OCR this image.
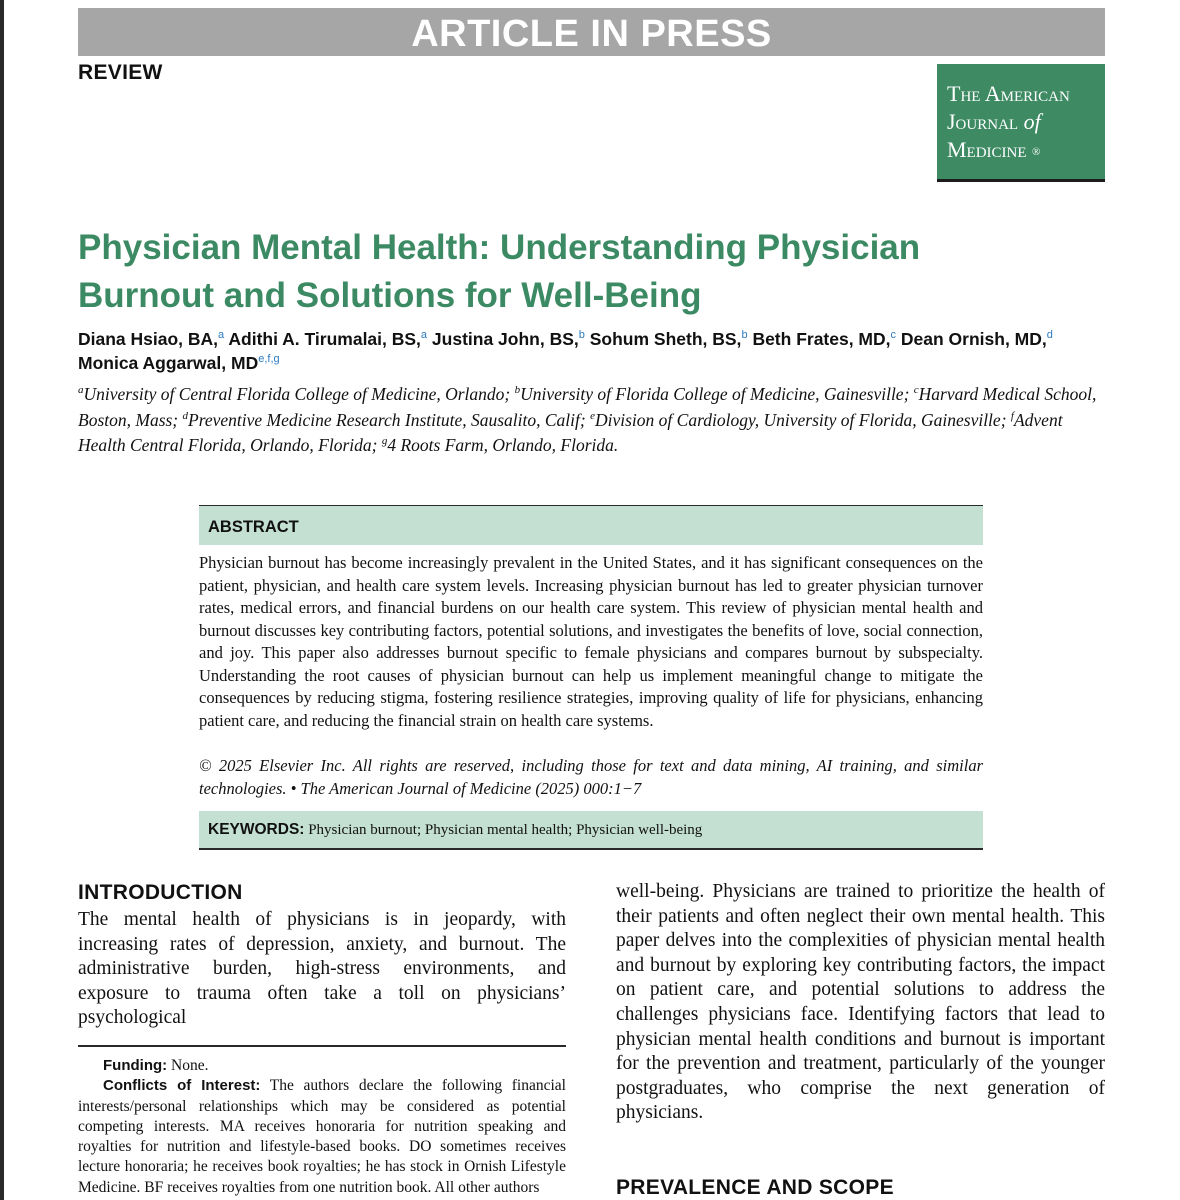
ARTICLE IN PRESS
REVIEW
The American
Journal of
Medicine ®
Physician Mental Health: Understanding Physician
Burnout and Solutions for Well-Being
Diana Hsiao, BA,$^a$ Adithi A. Tirumalai, BS,$^a$ Justina John, BS,$^b$ Sohum Sheth, BS,$^b$ Beth Frates, MD,$^c$ Dean Ornish, MD,$^d$
Monica Aggarwal, MD$^{e,f,g}$
$^a$University of Central Florida College of Medicine, Orlando; $^b$University of Florida College of Medicine, Gainesville; $^c$Harvard Medical School, Boston, Mass; $^d$Preventive Medicine Research Institute, Sausalito, Calif; $^e$Division of Cardiology, University of Florida, Gainesville; $^f$Advent Health Central Florida, Orlando, Florida; $^g$4 Roots Farm, Orlando, Florida.
ABSTRACT

Physician burnout has become increasingly prevalent in the United States, and it has significant consequences on the patient, physician, and health care system levels. Increasing physician burnout has led to greater physician turnover rates, medical errors, and financial burdens on our health care system. This review of physician mental health and burnout discusses key contributing factors, potential solutions, and investigates the benefits of love, social connection, and joy. This paper also addresses burnout specific to female physicians and compares burnout by subspecialty. Understanding the root causes of physician burnout can help us implement meaningful change to mitigate the consequences by reducing stigma, fostering resilience strategies, improving quality of life for physicians, enhancing patient care, and reducing the financial strain on health care systems.

© 2025 Elsevier Inc. All rights are reserved, including those for text and data mining, AI training, and similar technologies. • The American Journal of Medicine (2025) 000:1−7

KEYWORDS: Physician burnout; Physician mental health; Physician well-being
INTRODUCTION

The mental health of physicians is in jeopardy, with increasing rates of depression, anxiety, and burnout. The administrative burden, high-stress environments, and exposure to trauma often take a toll on physicians’ psychological

well-being. Physicians are trained to prioritize the health of their patients and often neglect their own mental health. This paper delves into the complexities of physician mental health and burnout by exploring key contributing factors, the impact on patient care, and potential solutions to address the challenges physicians face. Identifying factors that lead to physician mental health conditions and burnout is important for the prevention and treatment, particularly of the younger postgraduates, who comprise the next generation of physicians.

Funding: None.

Conflicts of Interest: The authors declare the following financial interests/personal relationships which may be considered as potential competing interests. MA receives honoraria for nutrition speaking and royalties for nutrition and lifestyle-based books. DO sometimes receives lecture honoraria; he receives book royalties; he has stock in Ornish Lifestyle Medicine. BF receives royalties from one nutrition book. All other authors	PREVALENCE AND SCOPE
